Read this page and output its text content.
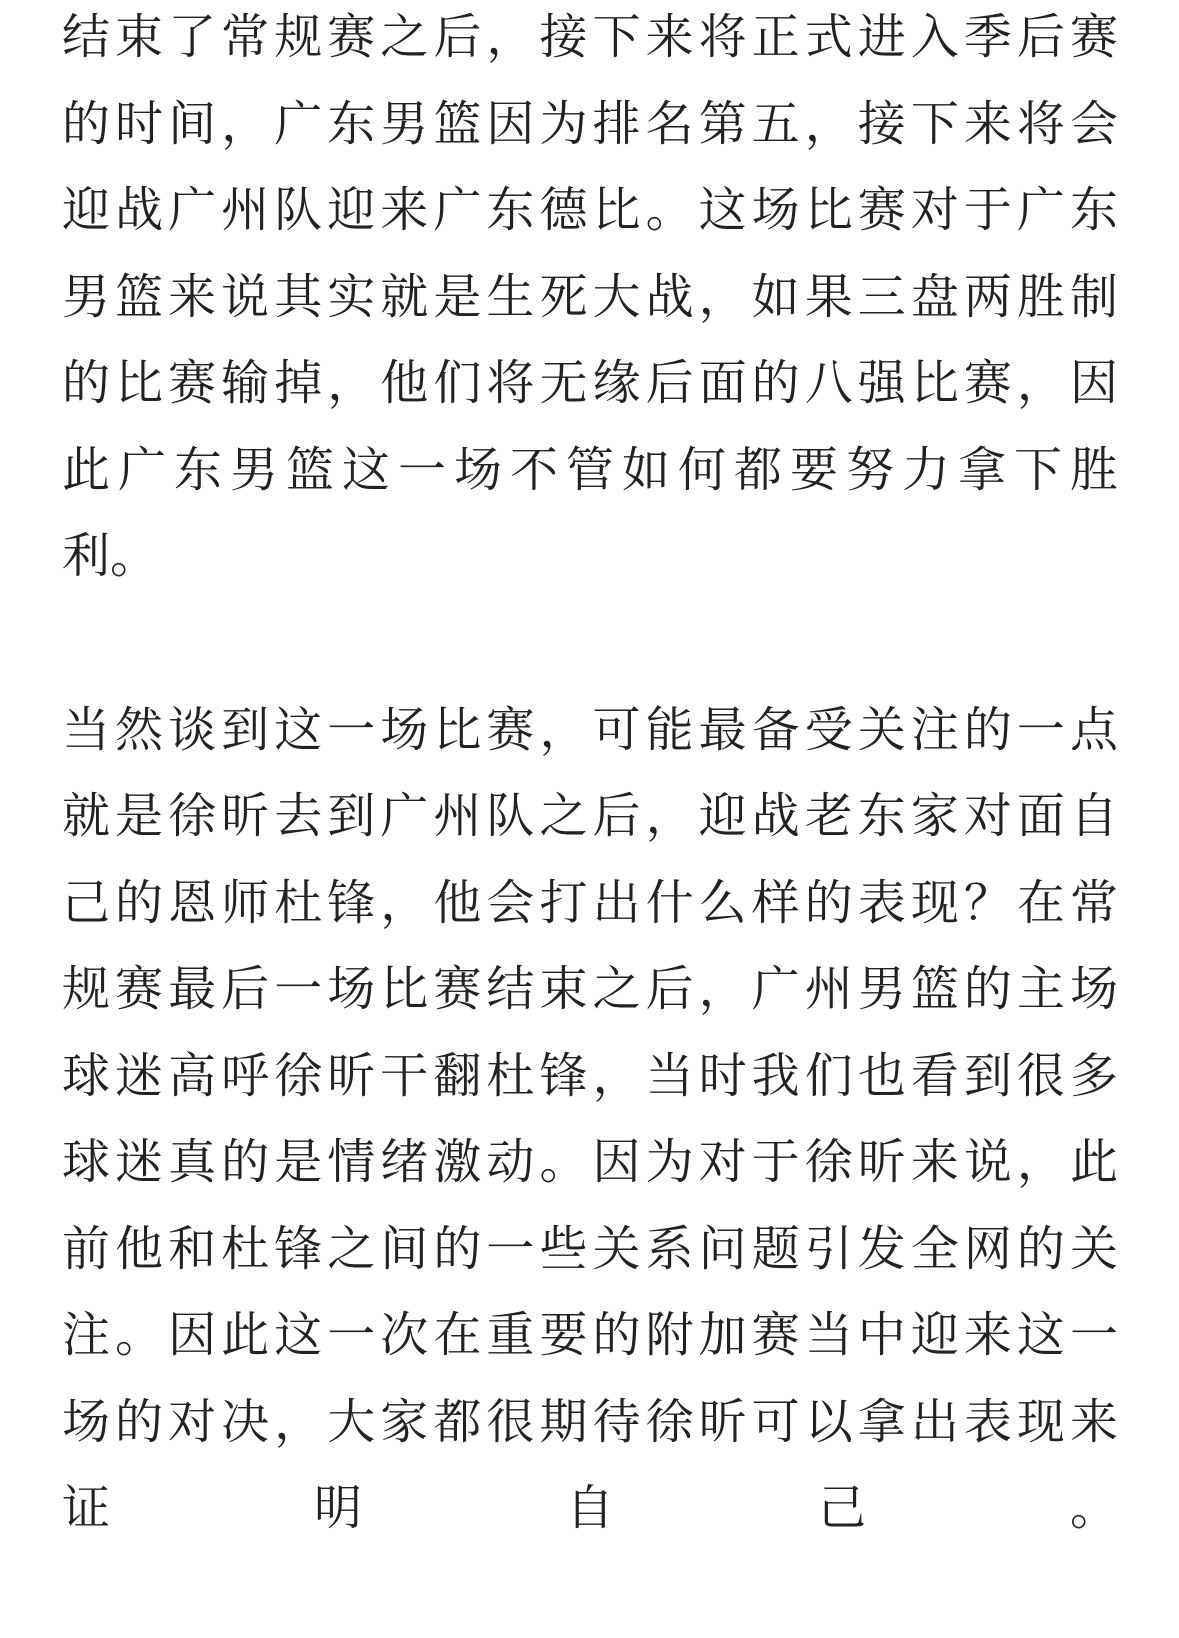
结束了常规赛之后，接下来将正式进入季后赛
的时间，广东男篮因为排名第五，接下来将会
迎战广州队迎来广东德比。这场比赛对于广东
男篮来说其实就是生死大战，如果三盘两胜制
的比赛输掉，他们将无缘后面的八强比赛，因
此广东男篮这一场不管如何都要努力拿下胜
利。
当然谈到这一场比赛，可能最备受关注的一点
就是徐昕去到广州队之后，迎战老东家对面自
己的恩师杜锋，他会打出什么样的表现？在常
规赛最后一场比赛结束之后，广州男篮的主场
球迷高呼徐昕干翻杜锋，当时我们也看到很多
球迷真的是情绪激动。因为对于徐昕来说，此
前他和杜锋之间的一些关系问题引发全网的关
注。因此这一次在重要的附加赛当中迎来这一
场的对决，大家都很期待徐昕可以拿出表现来
证明自己。
